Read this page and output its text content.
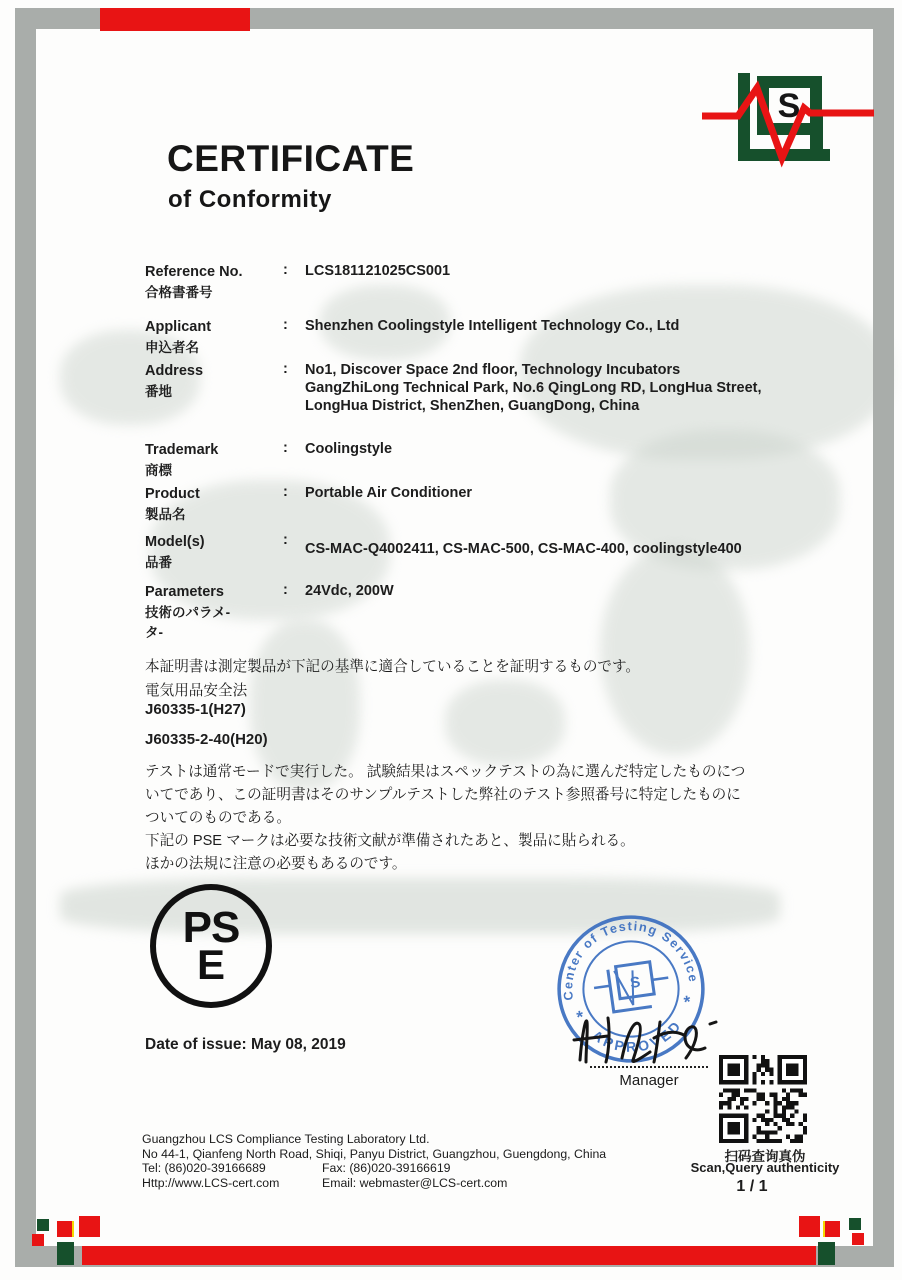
S
CERTIFICATE
of Conformity
Reference No.
合格書番号
:	LCS181121025CS001
Applicant
申込者名
:	Shenzhen Coolingstyle Intelligent Technology Co., Ltd
Address
番地
:	No1, Discover Space 2nd floor, Technology Incubators
GangZhiLong Technical Park, No.6 QingLong RD, LongHua Street,
LongHua District, ShenZhen, GuangDong, China
Trademark
商標
:	Coolingstyle
Product
製品名
:	Portable Air Conditioner
Model(s)
品番
:
CS-MAC-Q4002411, CS-MAC-500, CS-MAC-400, coolingstyle400
Parameters
技術のパラメ-
タ-
:	24Vdc, 200W
本証明書は測定製品が下記の基準に適合していることを証明するものです。
電気用品安全法
J60335-1(H27)
J60335-2-40(H20)
テストは通常モードで実行した。 試験結果はスペックテストの為に選んだ特定したものにつ
いてであり、この証明書はそのサンプルテストした弊社のテスト参照番号に特定したものに
ついてのものである。
下記の PSE マークは必要な技術文献が準備されたあと、製品に貼られる。
ほかの法規に注意の必要もあるのです。
PS
E
Center of Testing Service
APPROVED
*
*
S
Manager
Date of issue: May 08, 2019
Guangzhou LCS Compliance Testing Laboratory Ltd.
No 44-1, Qianfeng North Road, Shiqi, Panyu District, Guangzhou, Guengdong, China
Tel: (86)020-39166689	Fax: (86)020-39166619
Http://www.LCS-cert.com	Email: webmaster@LCS-cert.com
扫码查询真伪
Scan,Query authenticity
1 / 1
